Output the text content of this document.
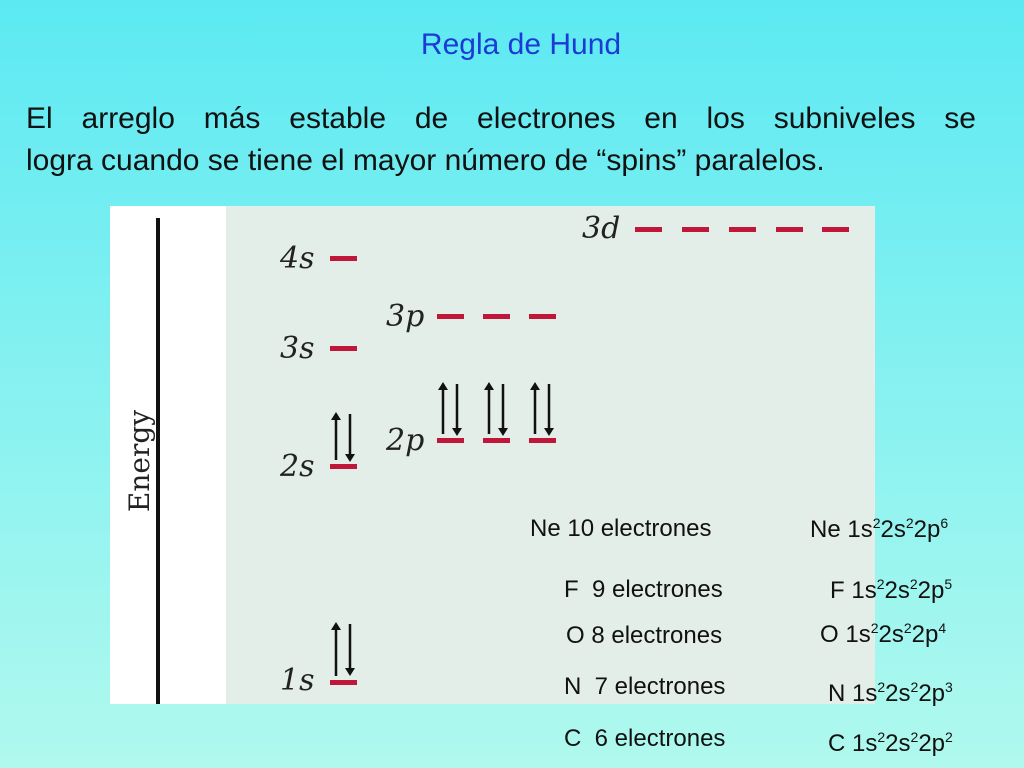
Regla de Hund
El arreglo más estable de electrones en los subniveles se
logra cuando se tiene el mayor número de “spins” paralelos.
Energy
4s
3s
2s
1s
3p
2p
3d
Ne 10 electrones
F  9 electrones
O 8 electrones
N  7 electrones
C  6 electrones
Ne $1s^22s^22p^6$
F $1s^22s^22p^5$
O $1s^22s^22p^4$
N $1s^22s^22p^3$
C $1s^22s^22p^2$
